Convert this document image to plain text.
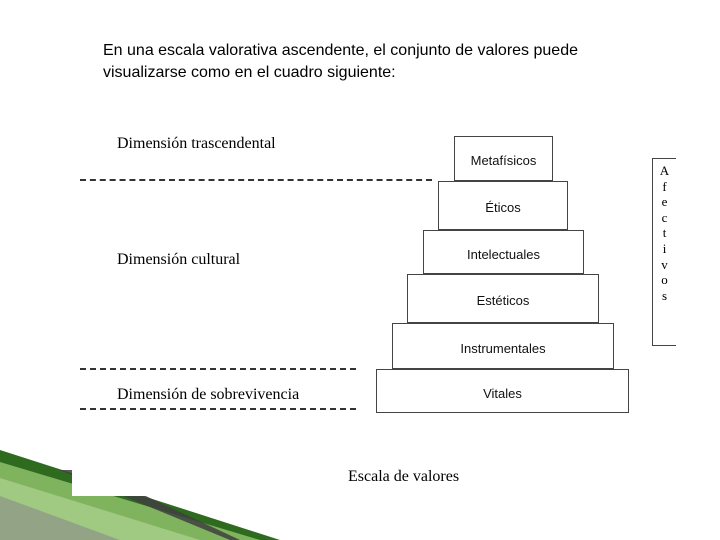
En una escala valorativa ascendente, el conjunto de valores puede
visualizarse como en el cuadro siguiente:
Dimensión trascendental
Dimensión cultural
Dimensión de sobrevivencia
Metafísicos
Éticos
Intelectuales
Estéticos
Instrumentales
Vitales
A
f
e
c
t
i
v
o
s
Escala de valores
